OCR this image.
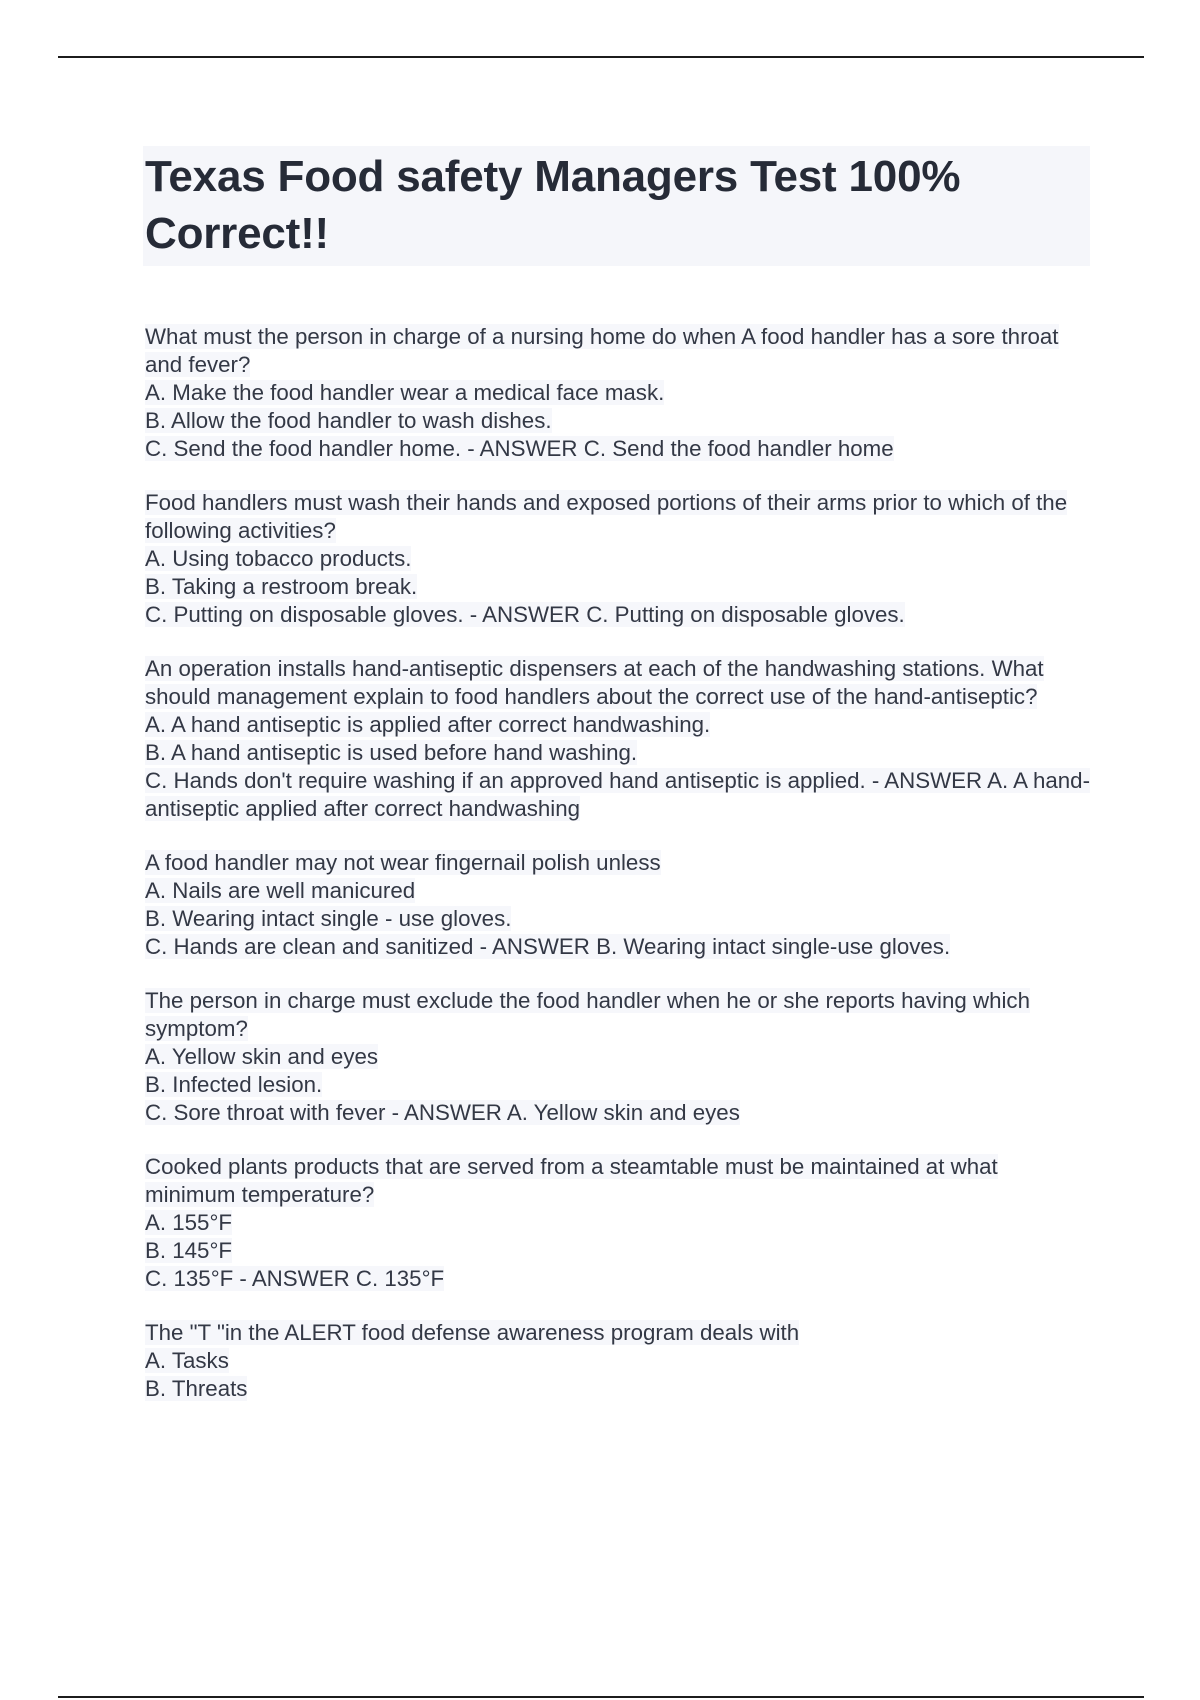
Texas Food safety Managers Test 100% Correct!!
What must the person in charge of a nursing home do when A food handler has a sore throat and fever?
A. Make the food handler wear a medical face mask.
B. Allow the food handler to wash dishes.
C. Send the food handler home. - ANSWER C. Send the food handler home
Food handlers must wash their hands and exposed portions of their arms prior to which of the following activities?
A. Using tobacco products.
B. Taking a restroom break.
C. Putting on disposable gloves. - ANSWER C. Putting on disposable gloves.
An operation installs hand-antiseptic dispensers at each of the handwashing stations. What should management explain to food handlers about the correct use of the hand-antiseptic?
A. A hand antiseptic is applied after correct handwashing.
B. A hand antiseptic is used before hand washing.
C. Hands don't require washing if an approved hand antiseptic is applied. - ANSWER A. A hand-antiseptic applied after correct handwashing
A food handler may not wear fingernail polish unless
A. Nails are well manicured
B. Wearing intact single - use gloves.
C. Hands are clean and sanitized - ANSWER B. Wearing intact single-use gloves.
The person in charge must exclude the food handler when he or she reports having which symptom?
A. Yellow skin and eyes
B. Infected lesion.
C. Sore throat with fever - ANSWER A. Yellow skin and eyes
Cooked plants products that are served from a steamtable must be maintained at what minimum temperature?
A. 155°F
B. 145°F
C. 135°F - ANSWER C. 135°F
The "T "in the ALERT food defense awareness program deals with
A. Tasks
B. Threats
